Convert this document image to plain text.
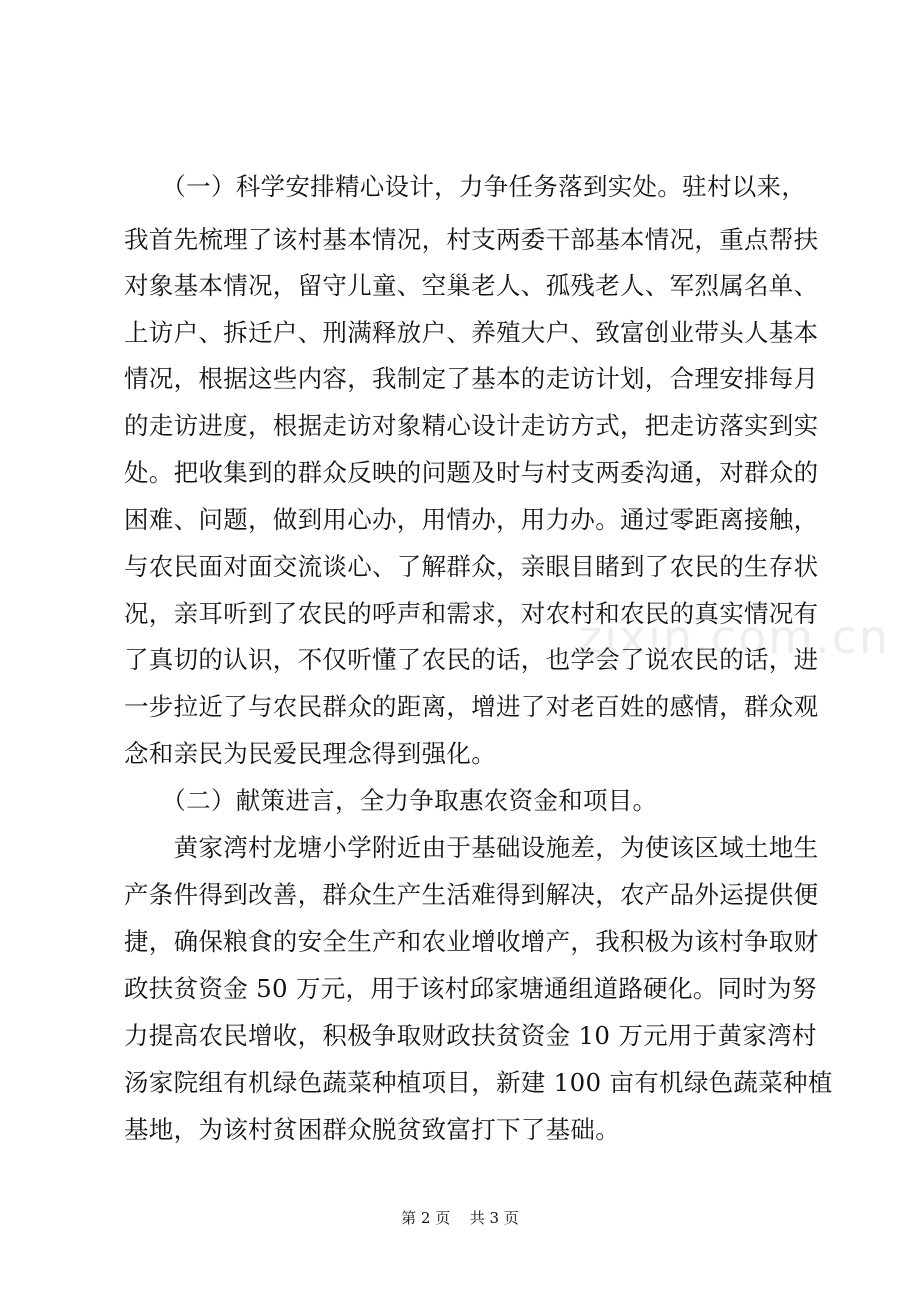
zixin.com.cn
　　（一）科学安排精心设计，力争任务落到实处。驻村以来，
我首先梳理了该村基本情况，村支两委干部基本情况，重点帮扶
对象基本情况，留守儿童、空巢老人、孤残老人、军烈属名单、
上访户、拆迁户、刑满释放户、养殖大户、致富创业带头人基本
情况，根据这些内容，我制定了基本的走访计划，合理安排每月
的走访进度，根据走访对象精心设计走访方式，把走访落实到实
处。把收集到的群众反映的问题及时与村支两委沟通，对群众的
困难、问题，做到用心办，用情办，用力办。通过零距离接触，
与农民面对面交流谈心、了解群众，亲眼目睹到了农民的生存状
况，亲耳听到了农民的呼声和需求，对农村和农民的真实情况有
了真切的认识，不仅听懂了农民的话，也学会了说农民的话，进
一步拉近了与农民群众的距离，增进了对老百姓的感情，群众观
念和亲民为民爱民理念得到强化。
　　（二）献策进言，全力争取惠农资金和项目。
　　黄家湾村龙塘小学附近由于基础设施差，为使该区域土地生
产条件得到改善，群众生产生活难得到解决，农产品外运提供便
捷，确保粮食的安全生产和农业增收增产，我积极为该村争取财
政扶贫资金 50 万元，用于该村邱家塘通组道路硬化。同时为努
力提高农民增收，积极争取财政扶贫资金 10 万元用于黄家湾村
汤家院组有机绿色蔬菜种植项目，新建 100 亩有机绿色蔬菜种植
基地，为该村贫困群众脱贫致富打下了基础。
第 2 页 共 3 页
